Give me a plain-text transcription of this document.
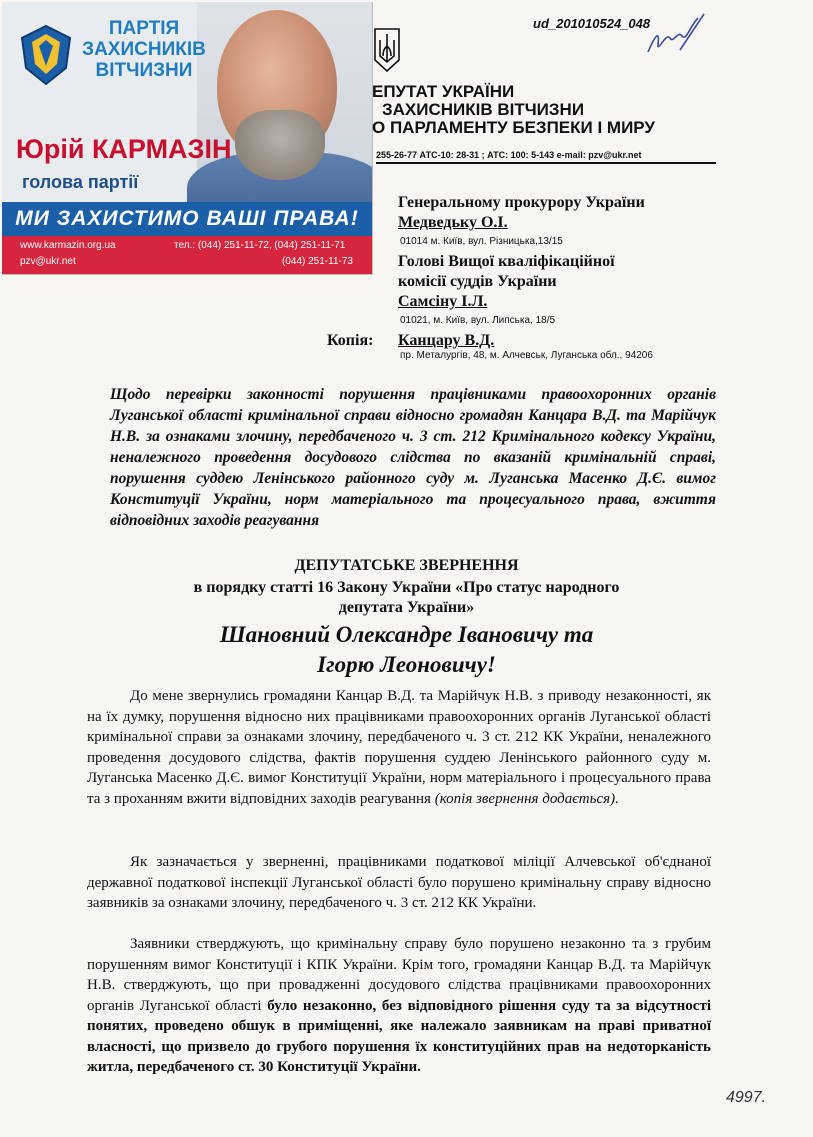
ПАРТІЯ
ЗАХИСНИКІВ
ВІТЧИЗНИ
Юрій КАРМАЗІН
голова партії
МИ ЗАХИСТИМО ВАШІ ПРАВА!
www.karmazin.org.ua
pzv@ukr.net
тел.: (044) 251-11-72, (044) 251-11-71
(044) 251-11-73
ud_201010524_048
ЕПУТАТ УКРАЇНИ
ЗАХИСНИКІВ ВІТЧИЗНИ
О ПАРЛАМЕНТУ БЕЗПЕКИ І МИРУ
255-26-77 АТС-10: 28-31 ; АТС: 100: 5-143 e-mail: pzv@ukr.net
Генеральному прокурору України
Медведьку О.І.
01014 м. Київ, вул. Різницька,13/15
Голові Вищої кваліфікаційної
комісії суддів України
Самсіну І.Л.
01021, м. Київ, вул. Липська, 18/5
Копія: Канцару В.Д.
пр. Металургів, 48, м. Алчевськ, Луганська обл., 94206
Щодо перевірки законності порушення працівниками правоохоронних органів Луганської області кримінальної справи відносно громадян Канцара В.Д. та Марійчук Н.В. за ознаками злочину, передбаченого ч. 3 ст. 212 Кримінального кодексу України, неналежного проведення досудового слідства по вказаній кримінальній справі, порушення суддею Ленінського районного суду м. Луганська Масенко Д.Є. вимог Конституції України, норм матеріального та процесуального права, вжиття відповідних заходів реагування
ДЕПУТАТСЬКЕ ЗВЕРНЕННЯ
в порядку статті 16 Закону України «Про статус народного
депутата України»
Шановний Олександре Івановичу та
Ігорю Леоновичу!
До мене звернулись громадяни Канцар В.Д. та Марійчук Н.В. з приводу незаконності, як на їх думку, порушення відносно них працівниками правоохоронних органів Луганської області кримінальної справи за ознаками злочину, передбаченого ч. 3 ст. 212 КК України, неналежного проведення досудового слідства, фактів порушення суддею Ленінського районного суду м. Луганська Масенко Д.Є. вимог Конституції України, норм матеріального і процесуального права та з проханням вжити відповідних заходів реагування (копія звернення додається).
Як зазначається у зверненні, працівниками податкової міліції Алчевської об'єднаної державної податкової інспекції Луганської області було порушено кримінальну справу відносно заявників за ознаками злочину, передбаченого ч. 3 ст. 212 КК України.
Заявники стверджують, що кримінальну справу було порушено незаконно та з грубим порушенням вимог Конституції і КПК України. Крім того, громадяни Канцар В.Д. та Марійчук Н.В. стверджують, що при провадженні досудового слідства працівниками правоохоронних органів Луганської області було незаконно, без відповідного рішення суду та за відсутності понятих, проведено обшук в приміщенні, яке належало заявникам на праві приватної власності, що призвело до грубого порушення їх конституційних прав на недоторканість житла, передбаченого ст. 30 Конституції України.
4997.
